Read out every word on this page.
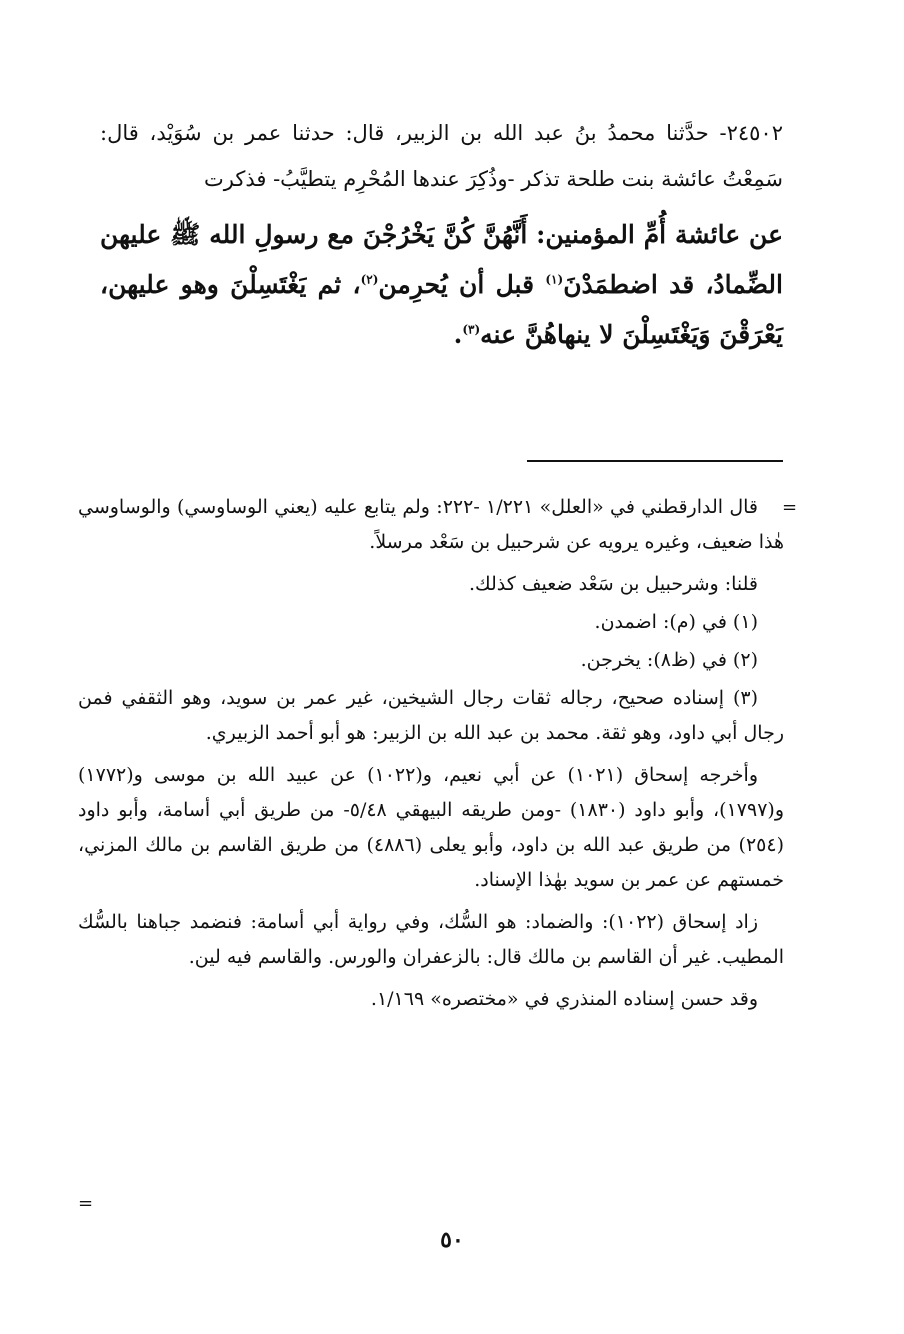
٢٤٥٠٢- حدَّثنا محمدُ بنُ عبد الله بن الزبير، قال: حدثنا عمر بن سُوَيْد، قال: سَمِعْتُ عائشة بنت طلحة تذكر -وذُكِرَ عندها المُحْرِم يتطيَّبُ- فذكرت

عن عائشة أُمِّ المؤمنين: أَنَّهُنَّ كُنَّ يَخْرُجْنَ مع رسولِ الله ﷺ عليهن الضِّمادُ، قد اضطمَدْنَ$^{(١)}$ قبل أن يُحرِمن$^{(٢)}$، ثم يَغْتَسِلْنَ وهو عليهن، يَعْرَقْنَ وَيَغْتَسِلْنَ لا ينهاهُنَّ عنه$^{(٣)}$.

=

قال الدارقطني في «العلل» ١/٢٢١ -٢٢٢: ولم يتابع عليه (يعني الوساوسي) والوساوسي هٰذا ضعيف، وغيره يرويه عن شرحبيل بن سَعْد مرسلاً.

قلنا: وشرحبيل بن سَعْد ضعيف كذلك.

(١) في (م): اضمدن.

(٢) في (ظ٨): يخرجن.

(٣) إسناده صحيح، رجاله ثقات رجال الشيخين، غير عمر بن سويد، وهو الثقفي فمن رجال أبي داود، وهو ثقة. محمد بن عبد الله بن الزبير: هو أبو أحمد الزبيري.

وأخرجه إسحاق (١٠٢١) عن أبي نعيم، و(١٠٢٢) عن عبيد الله بن موسى و(١٧٧٢) و(١٧٩٧)، وأبو داود (١٨٣٠) -ومن طريقه البيهقي ٥/٤٨- من طريق أبي أسامة، وأبو داود (٢٥٤) من طريق عبد الله بن داود، وأبو يعلى (٤٨٨٦) من طريق القاسم بن مالك المزني، خمستهم عن عمر بن سويد بهٰذا الإسناد.

زاد إسحاق (١٠٢٢): والضماد: هو السُّك، وفي رواية أبي أسامة: فنضمد جباهنا بالسُّك المطيب. غير أن القاسم بن مالك قال: بالزعفران والورس. والقاسم فيه لين.

وقد حسن إسناده المنذري في «مختصره» ١/١٦٩.

=
٥٠
